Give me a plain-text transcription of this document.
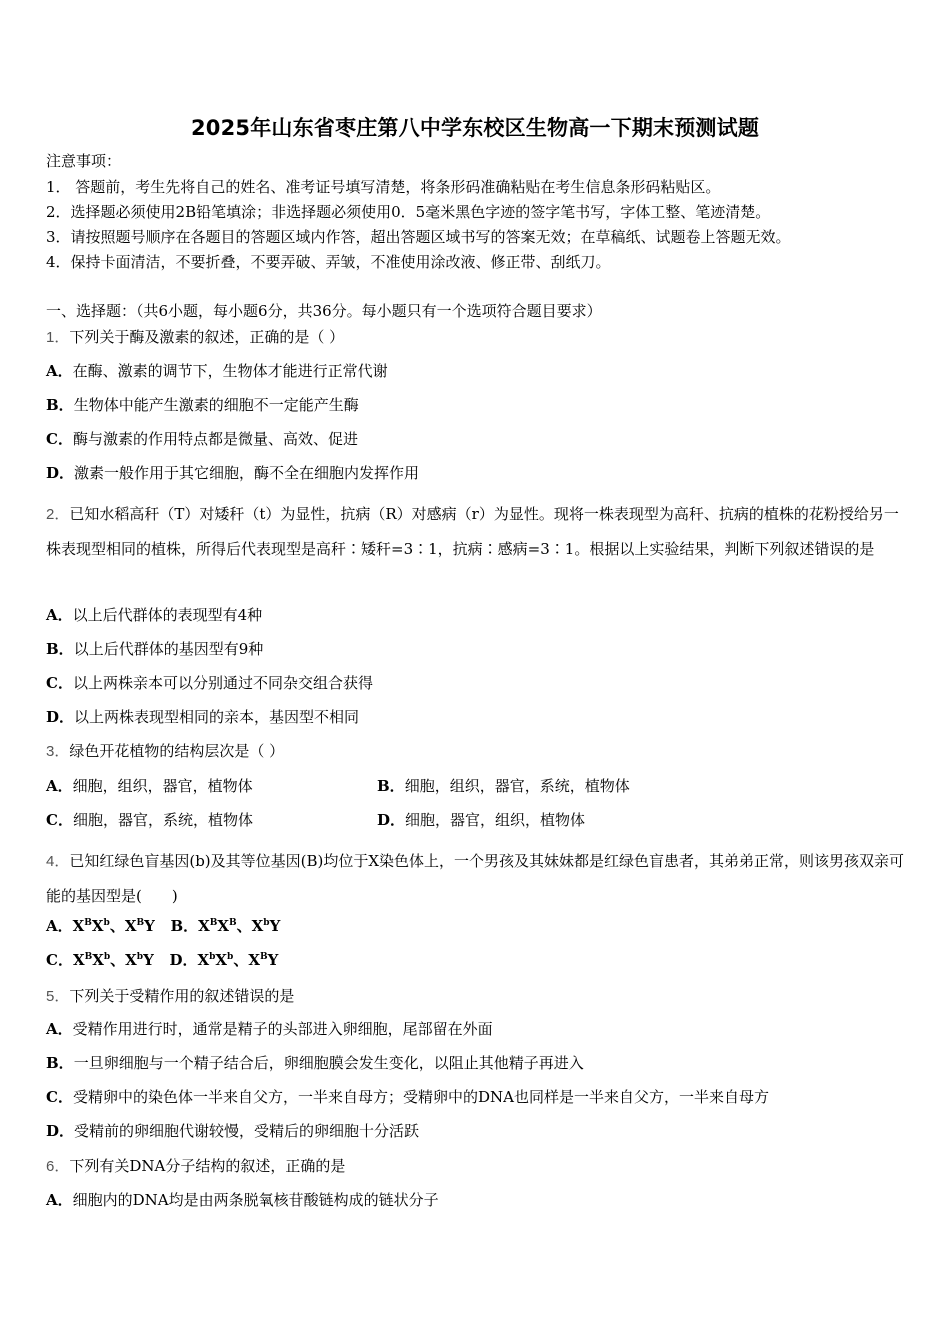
2025年山东省枣庄第八中学东校区生物高一下期末预测试题
注意事项：
1． 答题前，考生先将自己的姓名、准考证号填写清楚，将条形码准确粘贴在考生信息条形码粘贴区。
2．选择题必须使用2B铅笔填涂；非选择题必须使用0．5毫米黑色字迹的签字笔书写，字体工整、笔迹清楚。
3．请按照题号顺序在各题目的答题区域内作答，超出答题区域书写的答案无效；在草稿纸、试题卷上答题无效。
4．保持卡面清洁，不要折叠，不要弄破、弄皱，不准使用涂改液、修正带、刮纸刀。
一、选择题：（共6小题，每小题6分，共36分。每小题只有一个选项符合题目要求）
1．下列关于酶及激素的叙述，正确的是（ ）
A．在酶、激素的调节下，生物体才能进行正常代谢
B．生物体中能产生激素的细胞不一定能产生酶
C．酶与激素的作用特点都是微量、高效、促进
D．激素一般作用于其它细胞，酶不全在细胞内发挥作用
2．已知水稻高秆（T）对矮秆（t）为显性，抗病（R）对感病（r）为显性。现将一株表现型为高秆、抗病的植株的花粉授给另一株表现型相同的植株，所得后代表现型是高秆∶矮秆=3∶1，抗病∶感病=3∶1。根据以上实验结果，判断下列叙述错误的是
A．以上后代群体的表现型有4种
B．以上后代群体的基因型有9种
C．以上两株亲本可以分别通过不同杂交组合获得
D．以上两株表现型相同的亲本，基因型不相同
3．绿色开花植物的结构层次是（ ）
A．细胞，组织，器官，植物体	B．细胞，组织，器官，系统，植物体
C．细胞，器官，系统，植物体	D．细胞，器官，组织，植物体
4．已知红绿色盲基因(b)及其等位基因(B)均位于X染色体上，一个男孩及其妹妹都是红绿色盲患者，其弟弟正常，则该男孩双亲可能的基因型是(　　)
A．$X^BX^b$、$X^BY$   B．$X^BX^B$、$X^bY$
C．$X^BX^b$、$X^bY$   D．$X^bX^b$、$X^BY$
5．下列关于受精作用的叙述错误的是
A．受精作用进行时，通常是精子的头部进入卵细胞，尾部留在外面
B．一旦卵细胞与一个精子结合后，卵细胞膜会发生变化，以阻止其他精子再进入
C．受精卵中的染色体一半来自父方，一半来自母方；受精卵中的DNA也同样是一半来自父方，一半来自母方
D．受精前的卵细胞代谢较慢，受精后的卵细胞十分活跃
6．下列有关DNA分子结构的叙述，正确的是
A．细胞内的DNA均是由两条脱氧核苷酸链构成的链状分子
